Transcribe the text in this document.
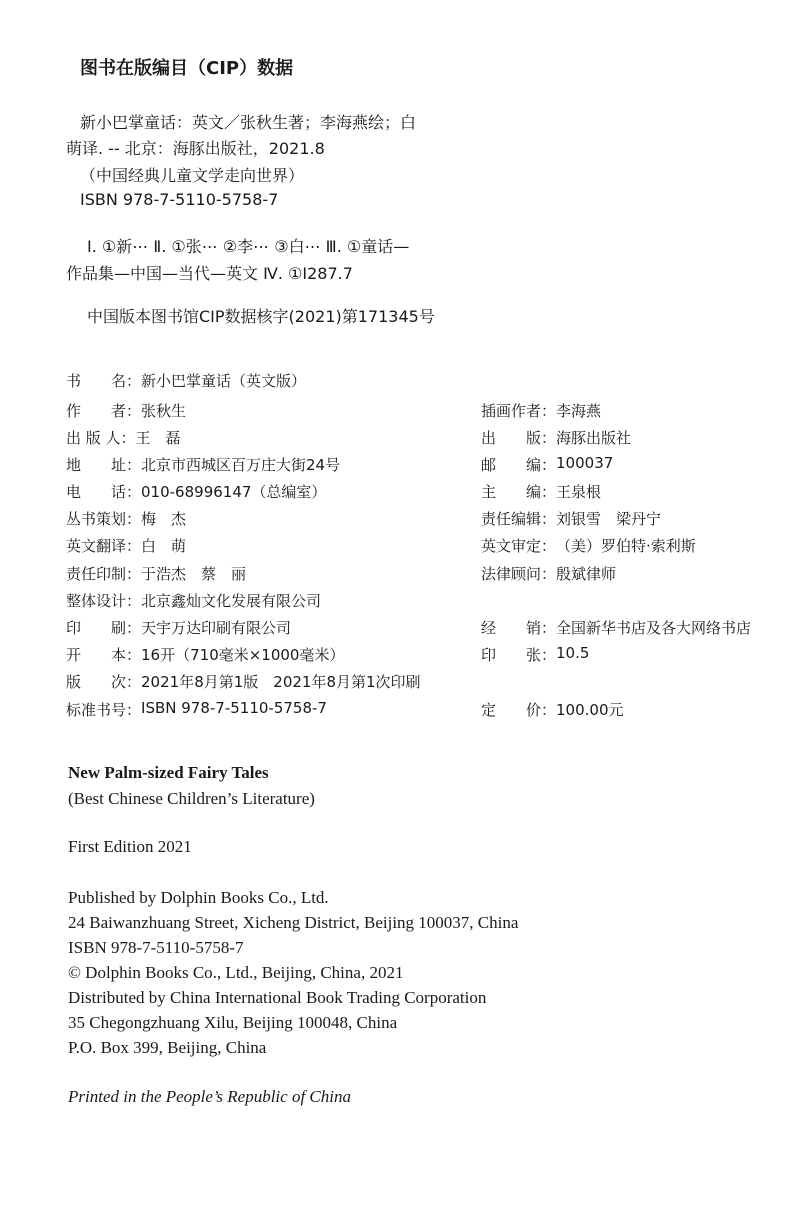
图书在版编目（CIP）数据
新小巴掌童话：英文／张秋生著；李海燕绘；白
萌译. -- 北京：海豚出版社，2021.8
（中国经典儿童文学走向世界）
ISBN 978-7-5110-5758-7
Ⅰ. ①新⋯ Ⅱ. ①张⋯ ②李⋯ ③白⋯ Ⅲ. ①童话—
作品集—中国—当代—英文 Ⅳ. ①I287.7
中国版本图书馆CIP数据核字(2021)第171345号
书　　名： 新小巴掌童话（英文版）
作　　者： 张秋生
出 版 人： 王　磊
地　　址： 北京市西城区百万庄大街24号
电　　话： 010-68996147（总编室）
丛书策划： 梅　杰
英文翻译： 白　萌
责任印制： 于浩杰　蔡　丽
整体设计： 北京鑫灿文化发展有限公司
印　　刷： 天宇万达印刷有限公司
开　　本： 16开（710毫米×1000毫米）
版　　次： 2021年8月第1版　2021年8月第1次印刷
标准书号： ISBN 978-7-5110-5758-7
插画作者： 李海燕
出　　版： 海豚出版社
邮　　编： 100037
主　　编： 王泉根
责任编辑： 刘银雪　梁丹宁
英文审定： （美）罗伯特·索利斯
法律顾问： 殷斌律师
经　　销： 全国新华书店及各大网络书店
印　　张： 10.5
定　　价： 100.00元
New Palm-sized Fairy Tales
(Best Chinese Children’s Literature)
First Edition 2021
Published by Dolphin Books Co., Ltd.
24 Baiwanzhuang Street, Xicheng District, Beijing 100037, China
ISBN 978-7-5110-5758-7
© Dolphin Books Co., Ltd., Beijing, China, 2021
Distributed by China International Book Trading Corporation
35 Chegongzhuang Xilu, Beijing 100048, China
P.O. Box 399, Beijing, China
Printed in the People’s Republic of China
